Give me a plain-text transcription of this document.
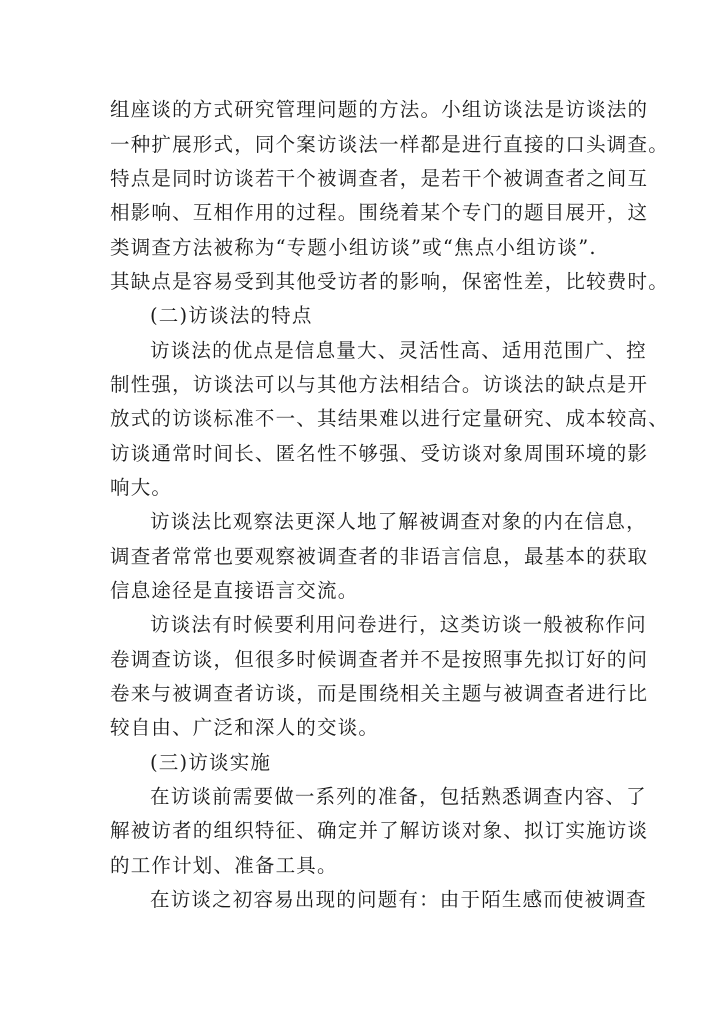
组座谈的方式研究管理问题的方法。小组访谈法是访谈法的
一种扩展形式，同个案访谈法一样都是进行直接的口头调查。
特点是同时访谈若干个被调查者，是若干个被调查者之间互
相影响、互相作用的过程。围绕着某个专门的题目展开，这
类调查方法被称为“专题小组访谈”或“焦点小组访谈”.
其缺点是容易受到其他受访者的影响，保密性差，比较费时。
(二)访谈法的特点
访谈法的优点是信息量大、灵活性高、适用范围广、控
制性强，访谈法可以与其他方法相结合。访谈法的缺点是开
放式的访谈标准不一、其结果难以进行定量研究、成本较高、
访谈通常时间长、匿名性不够强、受访谈对象周围环境的影
响大。
访谈法比观察法更深人地了解被调查对象的内在信息，
调查者常常也要观察被调查者的非语言信息，最基本的获取
信息途径是直接语言交流。
访谈法有时候要利用问卷进行，这类访谈一般被称作问
卷调查访谈，但很多时候调查者并不是按照事先拟订好的问
卷来与被调查者访谈，而是围绕相关主题与被调查者进行比
较自由、广泛和深人的交谈。
(三)访谈实施
在访谈前需要做一系列的准备，包括熟悉调查内容、了
解被访者的组织特征、确定并了解访谈对象、拟订实施访谈
的工作计划、准备工具。
在访谈之初容易出现的问题有：由于陌生感而使被调查
